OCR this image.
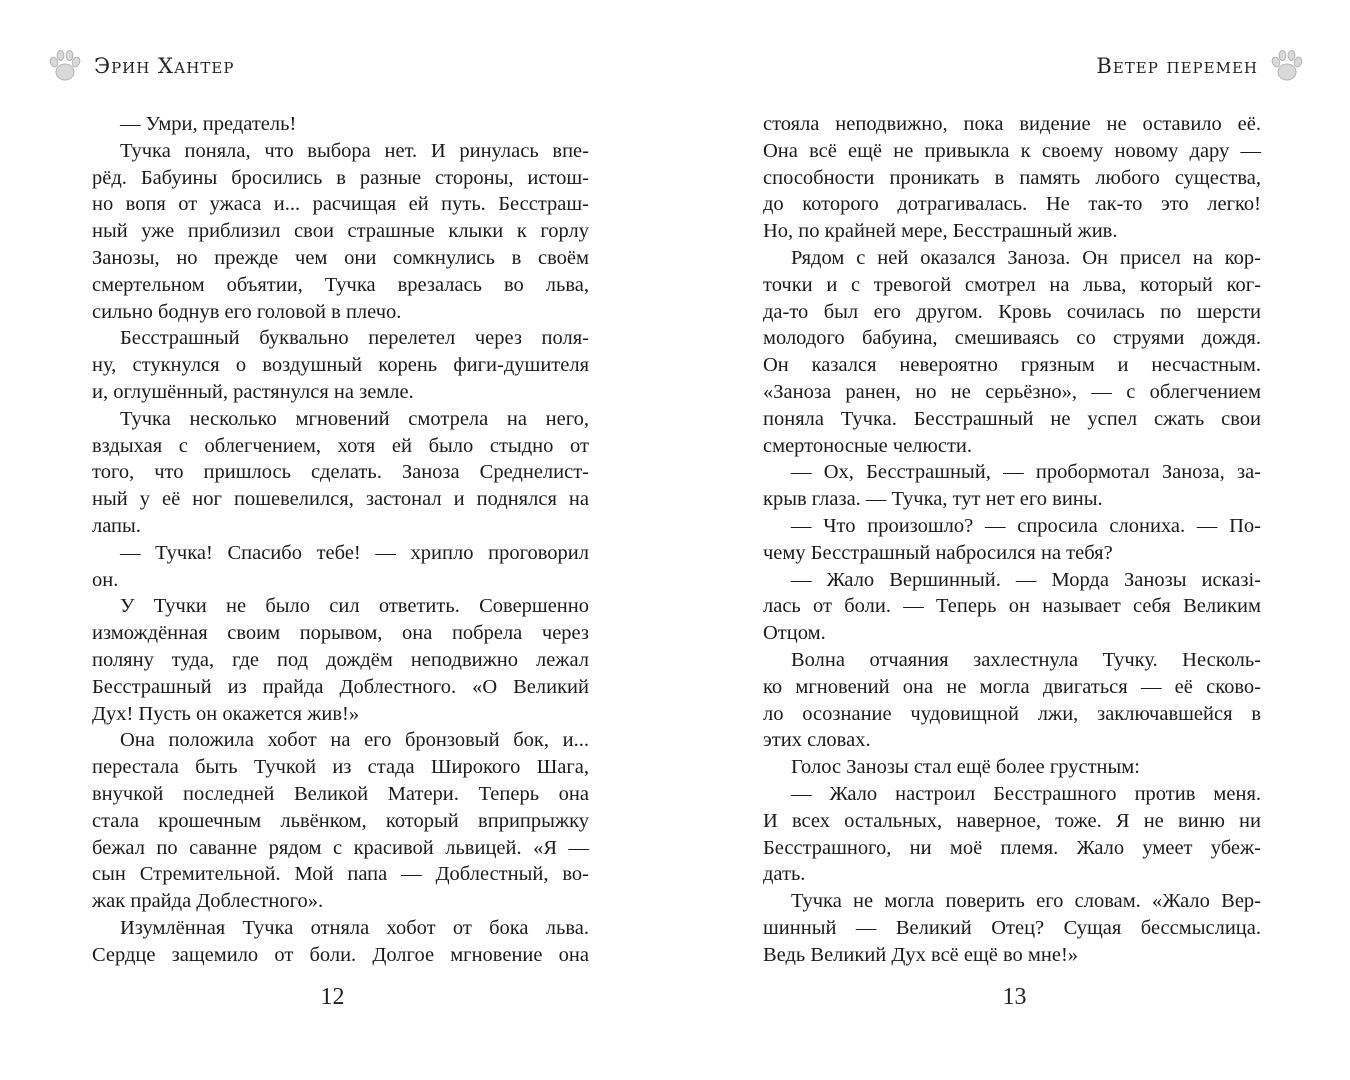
Эрин Хантер
— Умри, предатель!
Тучка поняла, что выбора нет. И ринулась впе-
рёд. Бабуины бросились в разные стороны, истош-
но вопя от ужаса и... расчищая ей путь. Бесстраш-
ный уже приблизил свои страшные клыки к горлу
Занозы, но прежде чем они сомкнулись в своём
смертельном объятии, Тучка врезалась во льва,
сильно боднув его головой в плечо.
Бесстрашный буквально перелетел через поля-
ну, стукнулся о воздушный корень фиги-душителя
и, оглушённый, растянулся на земле.
Тучка несколько мгновений смотрела на него,
вздыхая с облегчением, хотя ей было стыдно от
того, что пришлось сделать. Заноза Среднелист-
ный у её ног пошевелился, застонал и поднялся на
лапы.
— Тучка! Спасибо тебе! — хрипло проговорил
он.
У Тучки не было сил ответить. Совершенно
измождённая своим порывом, она побрела через
поляну туда, где под дождём неподвижно лежал
Бесстрашный из прайда Доблестного. «О Великий
Дух! Пусть он окажется жив!»
Она положила хобот на его бронзовый бок, и...
перестала быть Тучкой из стада Широкого Шага,
внучкой последней Великой Матери. Теперь она
стала крошечным львёнком, который вприпрыжку
бежал по саванне рядом с красивой львицей. «Я —
сын Стремительной. Мой папа — Доблестный, во-
жак прайда Доблестного».
Изумлённая Тучка отняла хобот от бока льва.
Сердце защемило от боли. Долгое мгновение она
12
Ветер перемен
стояла неподвижно, пока видение не оставило её.
Она всё ещё не привыкла к своему новому дару —
способности проникать в память любого существа,
до которого дотрагивалась. Не так-то это легко!
Но, по крайней мере, Бесстрашный жив.
Рядом с ней оказался Заноза. Он присел на кор-
точки и с тревогой смотрел на льва, который ког-
да-то был его другом. Кровь сочилась по шерсти
молодого бабуина, смешиваясь со струями дождя.
Он казался невероятно грязным и несчастным.
«Заноза ранен, но не серьёзно», — с облегчением
поняла Тучка. Бесстрашный не успел сжать свои
смертоносные челюсти.
— Ох, Бесстрашный, — пробормотал Заноза, за-
крыв глаза. — Тучка, тут нет его вины.
— Что произошло? — спросила слониха. — По-
чему Бесстрашный набросился на тебя?
— Жало Вершинный. — Морда Занозы исказі-
лась от боли. — Теперь он называет себя Великим
Отцом.
Волна отчаяния захлестнула Тучку. Несколь-
ко мгновений она не могла двигаться — её сково-
ло осознание чудовищной лжи, заключавшейся в
этих словах.
Голос Занозы стал ещё более грустным:
— Жало настроил Бесстрашного против меня.
И всех остальных, наверное, тоже. Я не виню ни
Бесстрашного, ни моё племя. Жало умеет убеж-
дать.
Тучка не могла поверить его словам. «Жало Вер-
шинный — Великий Отец? Сущая бессмыслица.
Ведь Великий Дух всё ещё во мне!»
13
